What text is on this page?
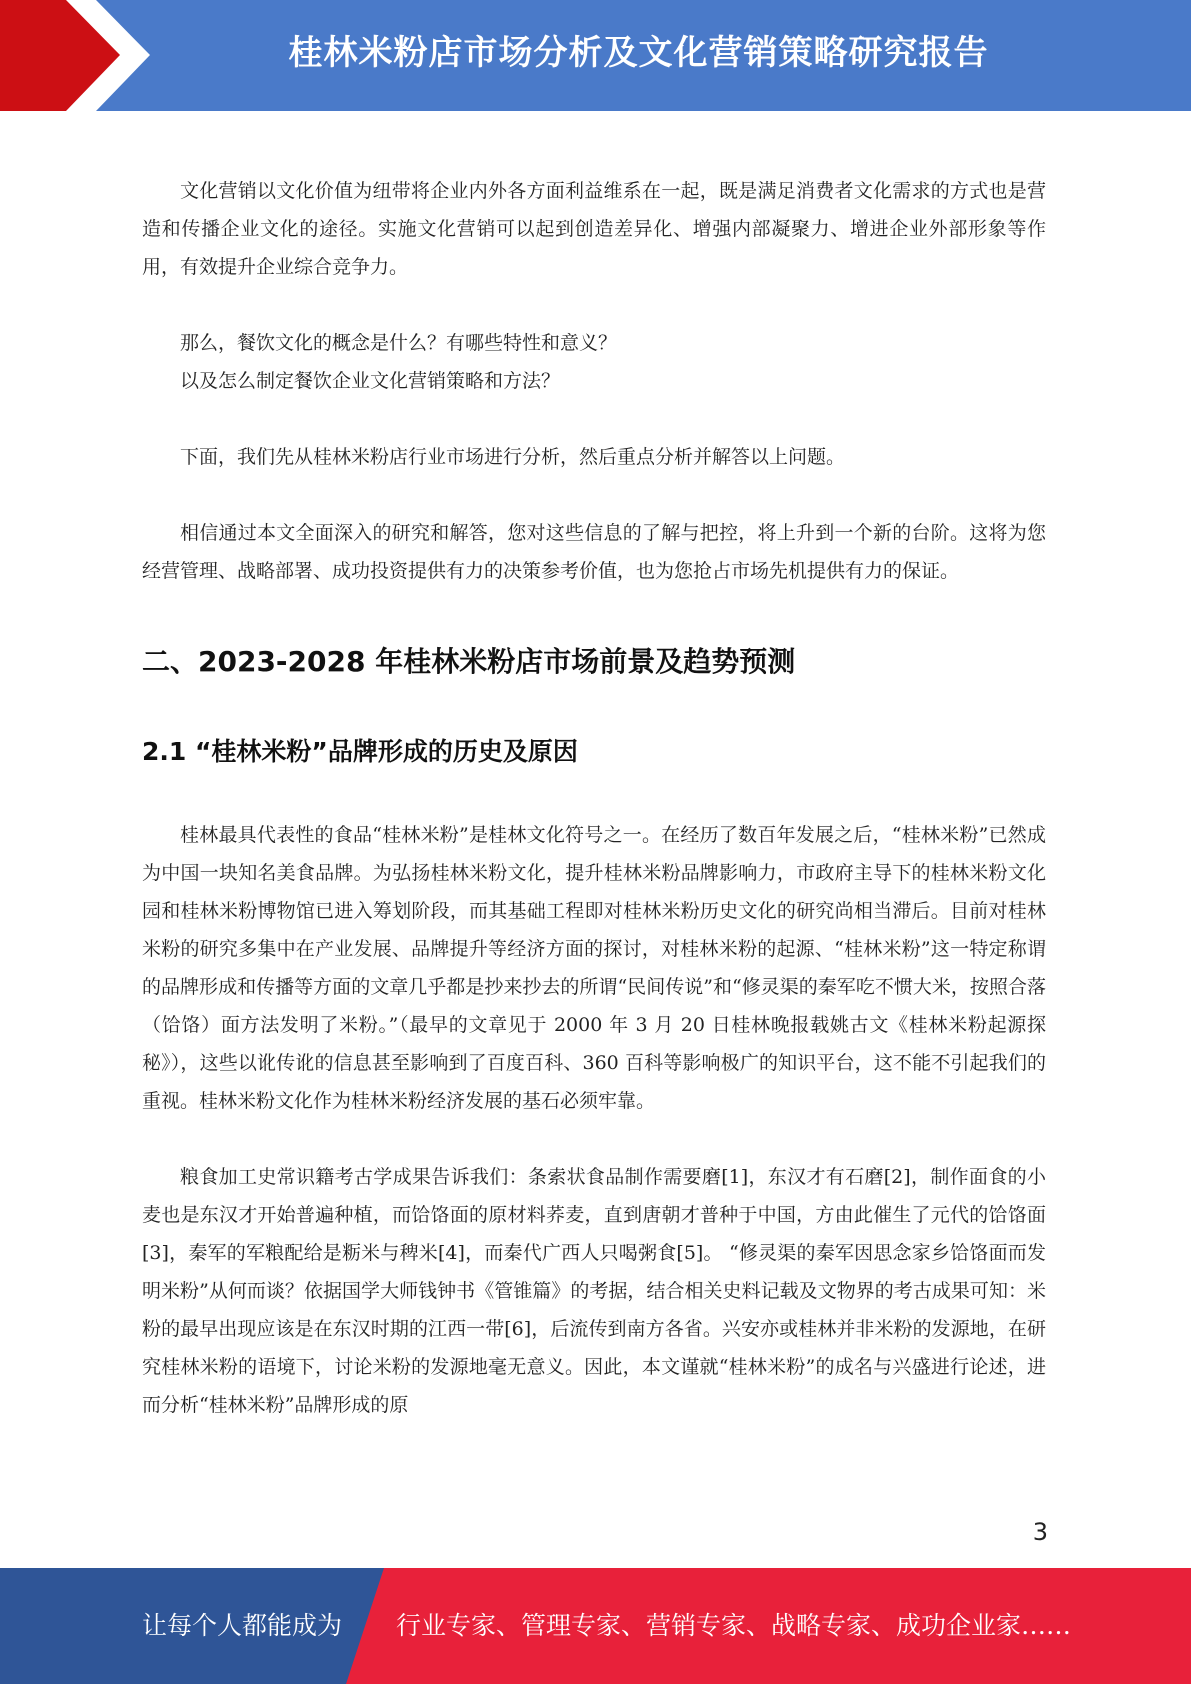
桂林米粉店市场分析及文化营销策略研究报告

文化营销以文化价值为纽带将企业内外各方面利益维系在一起，既是满足消费者文化需求的方式也是营造和传播企业文化的途径。实施文化营销可以起到创造差异化、增强内部凝聚力、增进企业外部形象等作用，有效提升企业综合竞争力。

那么，餐饮文化的概念是什么？有哪些特性和意义？

以及怎么制定餐饮企业文化营销策略和方法？

下面，我们先从桂林米粉店行业市场进行分析，然后重点分析并解答以上问题。

相信通过本文全面深入的研究和解答，您对这些信息的了解与把控，将上升到一个新的台阶。这将为您经营管理、战略部署、成功投资提供有力的决策参考价值，也为您抢占市场先机提供有力的保证。

二、2023-2028 年桂林米粉店市场前景及趋势预测
2.1 “桂林米粉”品牌形成的历史及原因

桂林最具代表性的食品“桂林米粉”是桂林文化符号之一。在经历了数百年发展之后，“桂林米粉”已然成为中国一块知名美食品牌。为弘扬桂林米粉文化，提升桂林米粉品牌影响力，市政府主导下的桂林米粉文化园和桂林米粉博物馆已进入筹划阶段，而其基础工程即对桂林米粉历史文化的研究尚相当滞后。目前对桂林米粉的研究多集中在产业发展、品牌提升等经济方面的探讨，对桂林米粉的起源、“桂林米粉”这一特定称谓的品牌形成和传播等方面的文章几乎都是抄来抄去的所谓“民间传说”和“修灵渠的秦军吃不惯大米，按照合落（饸饹）面方法发明了米粉。”（最早的文章见于 2000 年 3 月 20 日桂林晚报载姚古文《桂林米粉起源探秘》），这些以讹传讹的信息甚至影响到了百度百科、360 百科等影响极广的知识平台，这不能不引起我们的重视。桂林米粉文化作为桂林米粉经济发展的基石必须牢靠。

粮食加工史常识籍考古学成果告诉我们：条索状食品制作需要磨[1]，东汉才有石磨[2]，制作面食的小麦也是东汉才开始普遍种植，而饸饹面的原材料荞麦，直到唐朝才普种于中国，方由此催生了元代的饸饹面[3]，秦军的军粮配给是粝米与稗米[4]，而秦代广西人只喝粥食[5]。 “修灵渠的秦军因思念家乡饸饹面而发明米粉”从何而谈？依据国学大师钱钟书《管锥篇》的考据，结合相关史料记载及文物界的考古成果可知：米粉的最早出现应该是在东汉时期的江西一带[6]，后流传到南方各省。兴安亦或桂林并非米粉的发源地，在研究桂林米粉的语境下，讨论米粉的发源地毫无意义。因此，本文谨就“桂林米粉”的成名与兴盛进行论述，进而分析“桂林米粉”品牌形成的原

3
让每个人都能成为 行业专家、管理专家、营销专家、战略专家、成功企业家……
